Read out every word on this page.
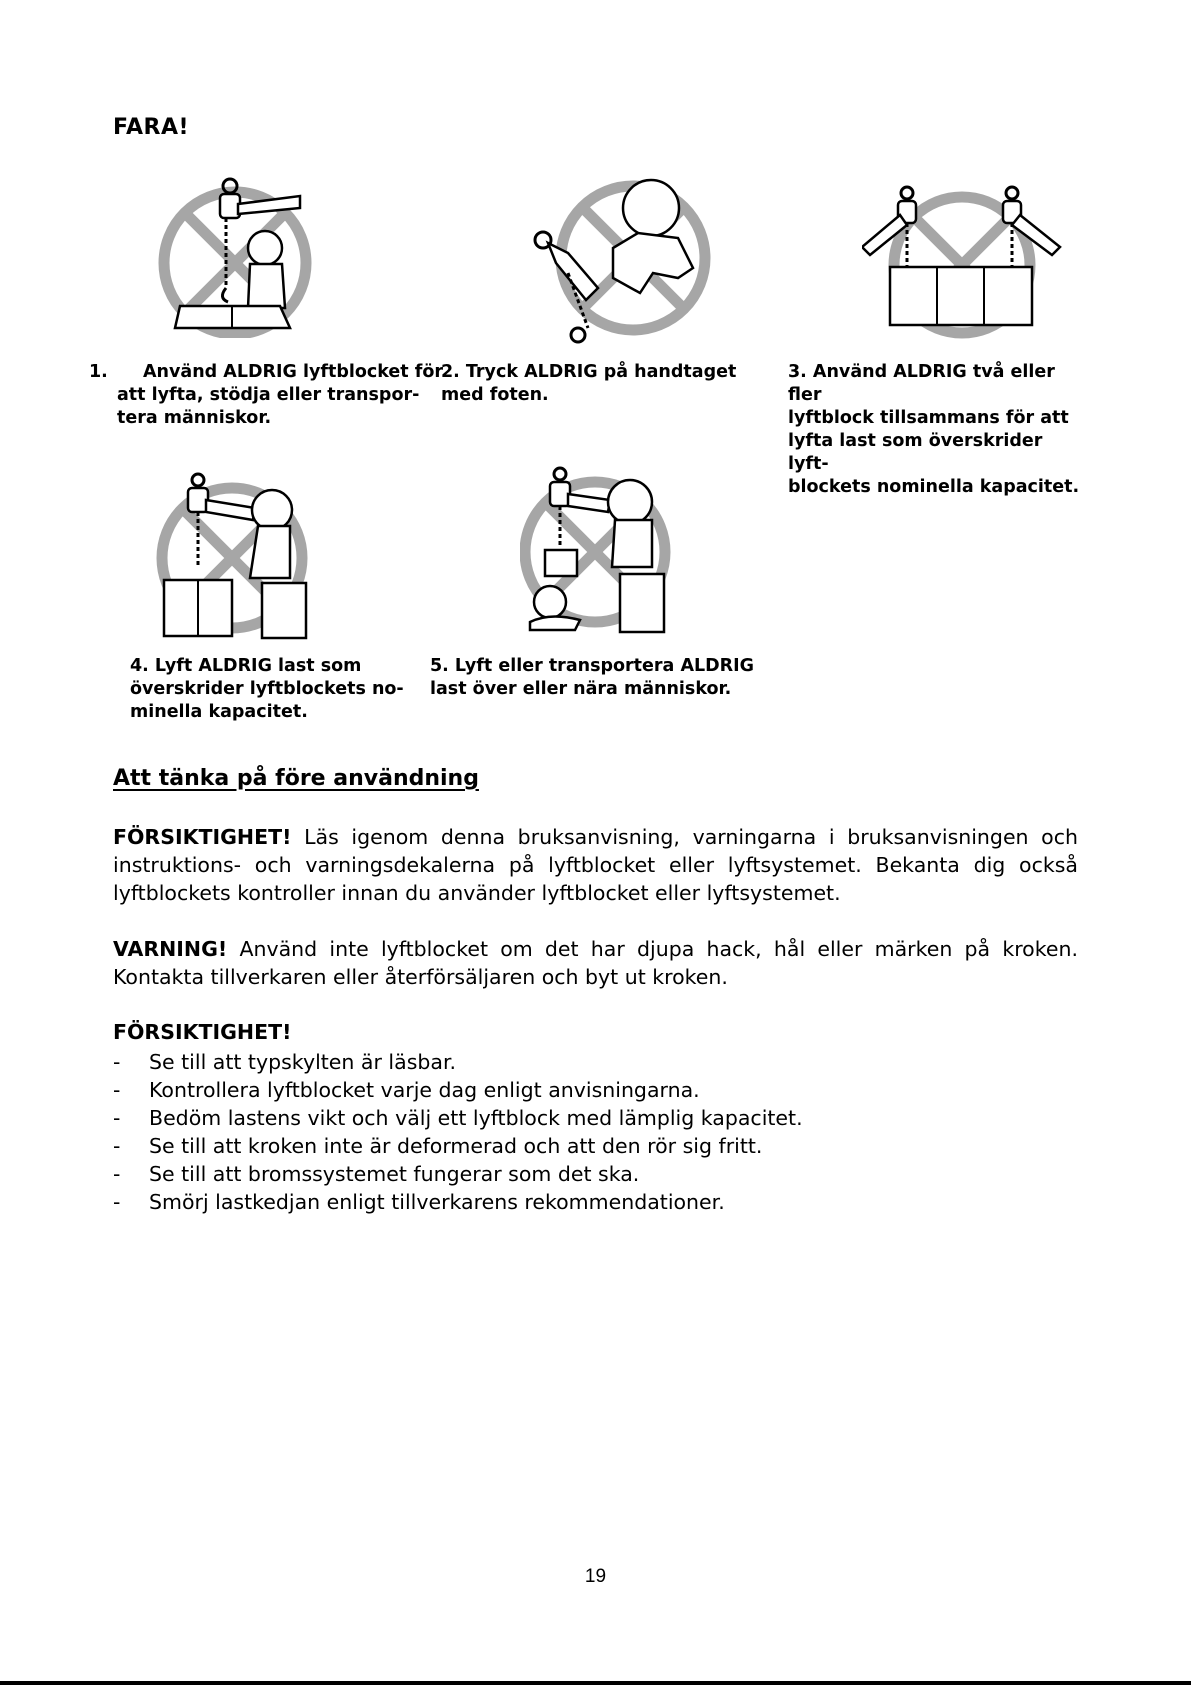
FARA!
1. Använd ALDRIG lyftblocket för
att lyfta, stödja eller transpor-
tera människor.
2. Tryck ALDRIG på handtaget
med foten.
3. Använd ALDRIG två eller fler
lyftblock tillsammans för att
lyfta last som överskrider lyft-
blockets nominella kapacitet.
4. Lyft ALDRIG last som
överskrider lyftblockets no-
minella kapacitet.
5. Lyft eller transportera ALDRIG
last över eller nära människor.
Att tänka på före användning
FÖRSIKTIGHET! Läs igenom denna bruksanvisning, varningarna i bruksanvisningen och instruktions- och varningsdekalerna på lyftblocket eller lyftsystemet. Bekanta dig också lyftblockets kontroller innan du använder lyftblocket eller lyftsystemet.
VARNING! Använd inte lyftblocket om det har djupa hack, hål eller märken på kroken. Kontakta tillverkaren eller återförsäljaren och byt ut kroken.
FÖRSIKTIGHET!
- Se till att typskylten är läsbar.
- Kontrollera lyftblocket varje dag enligt anvisningarna.
- Bedöm lastens vikt och välj ett lyftblock med lämplig kapacitet.
- Se till att kroken inte är deformerad och att den rör sig fritt.
- Se till att bromssystemet fungerar som det ska.
- Smörj lastkedjan enligt tillverkarens rekommendationer.
19
